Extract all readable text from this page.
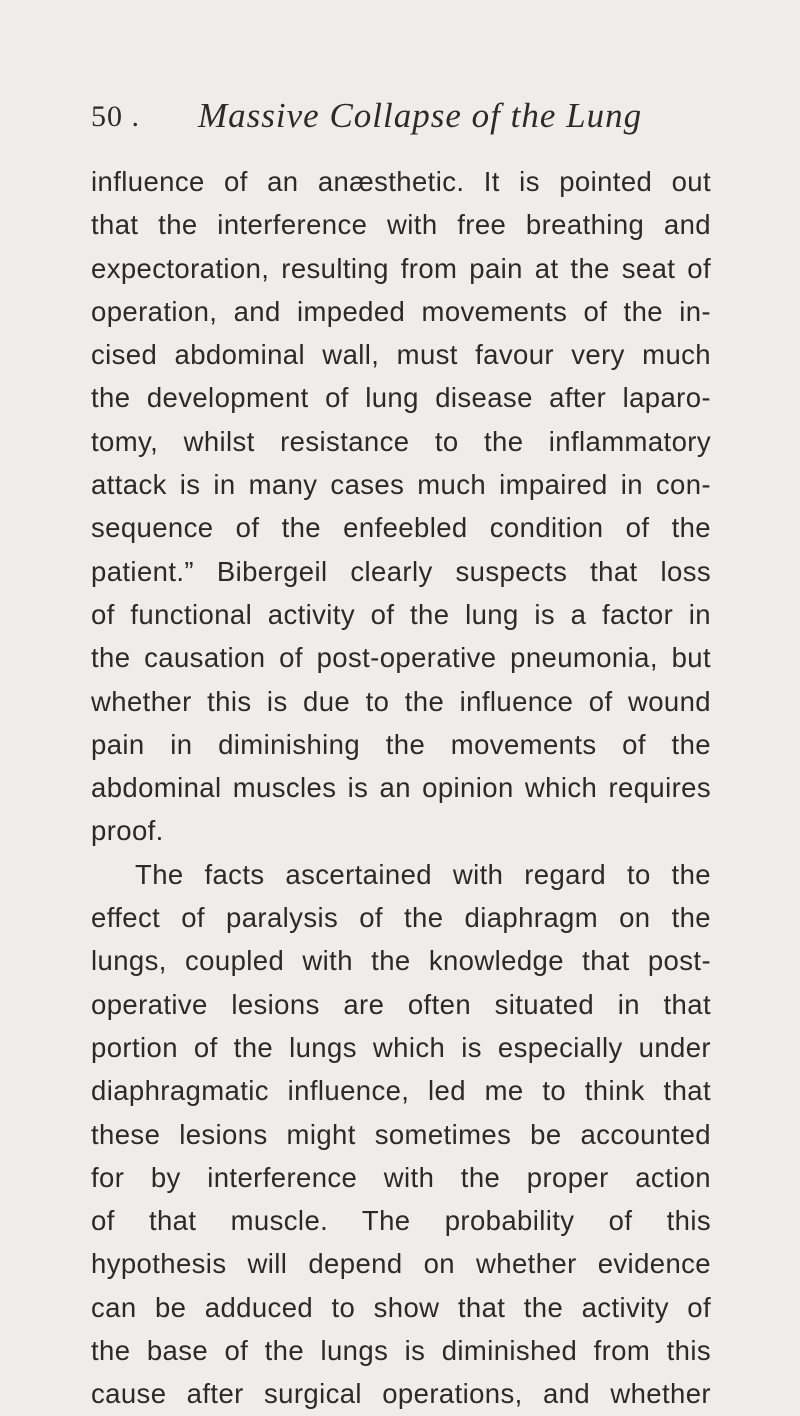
50 . Massive Collapse of the Lung
influence of an anæsthetic. It is pointed out
that the interference with free breathing and
expectoration, resulting from pain at the seat of
operation, and impeded movements of the in-
cised abdominal wall, must favour very much
the development of lung disease after laparo-
tomy, whilst resistance to the inflammatory
attack is in many cases much impaired in con-
sequence of the enfeebled condition of the
patient.” Bibergeil clearly suspects that loss
of functional activity of the lung is a factor in
the causation of post-operative pneumonia, but
whether this is due to the influence of wound
pain in diminishing the movements of the
abdominal muscles is an opinion which requires
proof.
The facts ascertained with regard to the
effect of paralysis of the diaphragm on the
lungs, coupled with the knowledge that post-
operative lesions are often situated in that
portion of the lungs which is especially under
diaphragmatic influence, led me to think that
these lesions might sometimes be accounted
for by interference with the proper action
of that muscle. The probability of this
hypothesis will depend on whether evidence
can be adduced to show that the activity of
the base of the lungs is diminished from this
cause after surgical operations, and whether
